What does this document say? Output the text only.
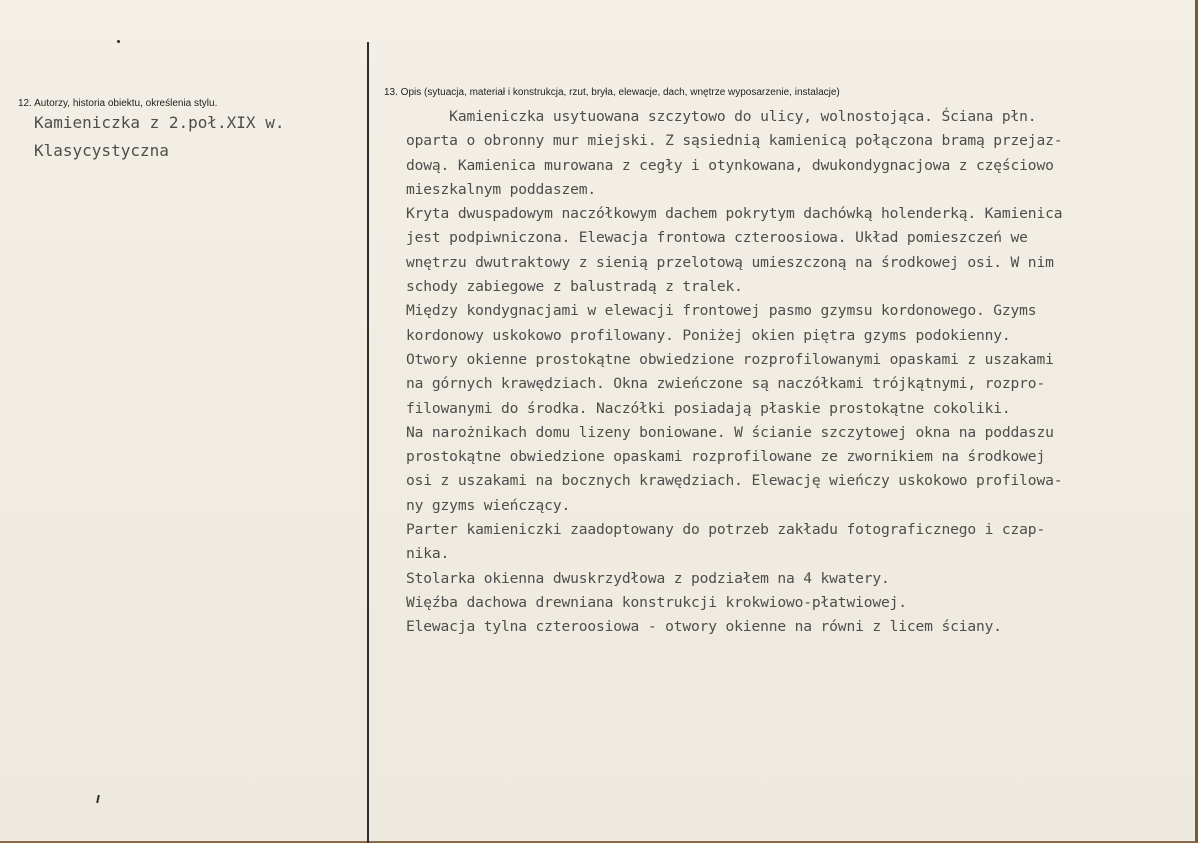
12. Autorzy, historia obiektu, określenia stylu.
Kamieniczka z 2.poł.XIX w.
Klasycystyczna
13. Opis (sytuacja, materiał i konstrukcja, rzut, bryła, elewacje, dach, wnętrze wyposarzenie, instalacje)
Kamieniczka usytuowana szczytowo do ulicy, wolnostojąca. Ściana płn.
oparta o obronny mur miejski. Z sąsiednią kamienicą połączona bramą przejaz-
dową. Kamienica murowana z cegły i otynkowana, dwukondygnacjowa z częściowo
mieszkalnym poddaszem.
Kryta dwuspadowym naczółkowym dachem pokrytym dachówką holenderką. Kamienica
jest podpiwniczona. Elewacja frontowa czteroosiowa. Układ pomieszczeń we
wnętrzu dwutraktowy z sienią przelotową umieszczoną na środkowej osi. W nim
schody zabiegowe z balustradą z tralek.
Między kondygnacjami w elewacji frontowej pasmo gzymsu kordonowego. Gzyms
kordonowy uskokowo profilowany. Poniżej okien piętra gzyms podokienny.
Otwory okienne prostokątne obwiedzione rozprofilowanymi opaskami z uszakami
na górnych krawędziach. Okna zwieńczone są naczółkami trójkątnymi, rozpro-
filowanymi do środka. Naczółki posiadają płaskie prostokątne cokoliki.
Na narożnikach domu lizeny boniowane. W ścianie szczytowej okna na poddaszu
prostokątne obwiedzione opaskami rozprofilowane ze zwornikiem na środkowej
osi z uszakami na bocznych krawędziach. Elewację wieńczy uskokowo profilowa-
ny gzyms wieńczący.
Parter kamieniczki zaadoptowany do potrzeb zakładu fotograficznego i czap-
nika.
Stolarka okienna dwuskrzydłowa z podziałem na 4 kwatery.
Więźba dachowa drewniana konstrukcji krokwiowo-płatwiowej.
Elewacja tylna czteroosiowa - otwory okienne na równi z licem ściany.
